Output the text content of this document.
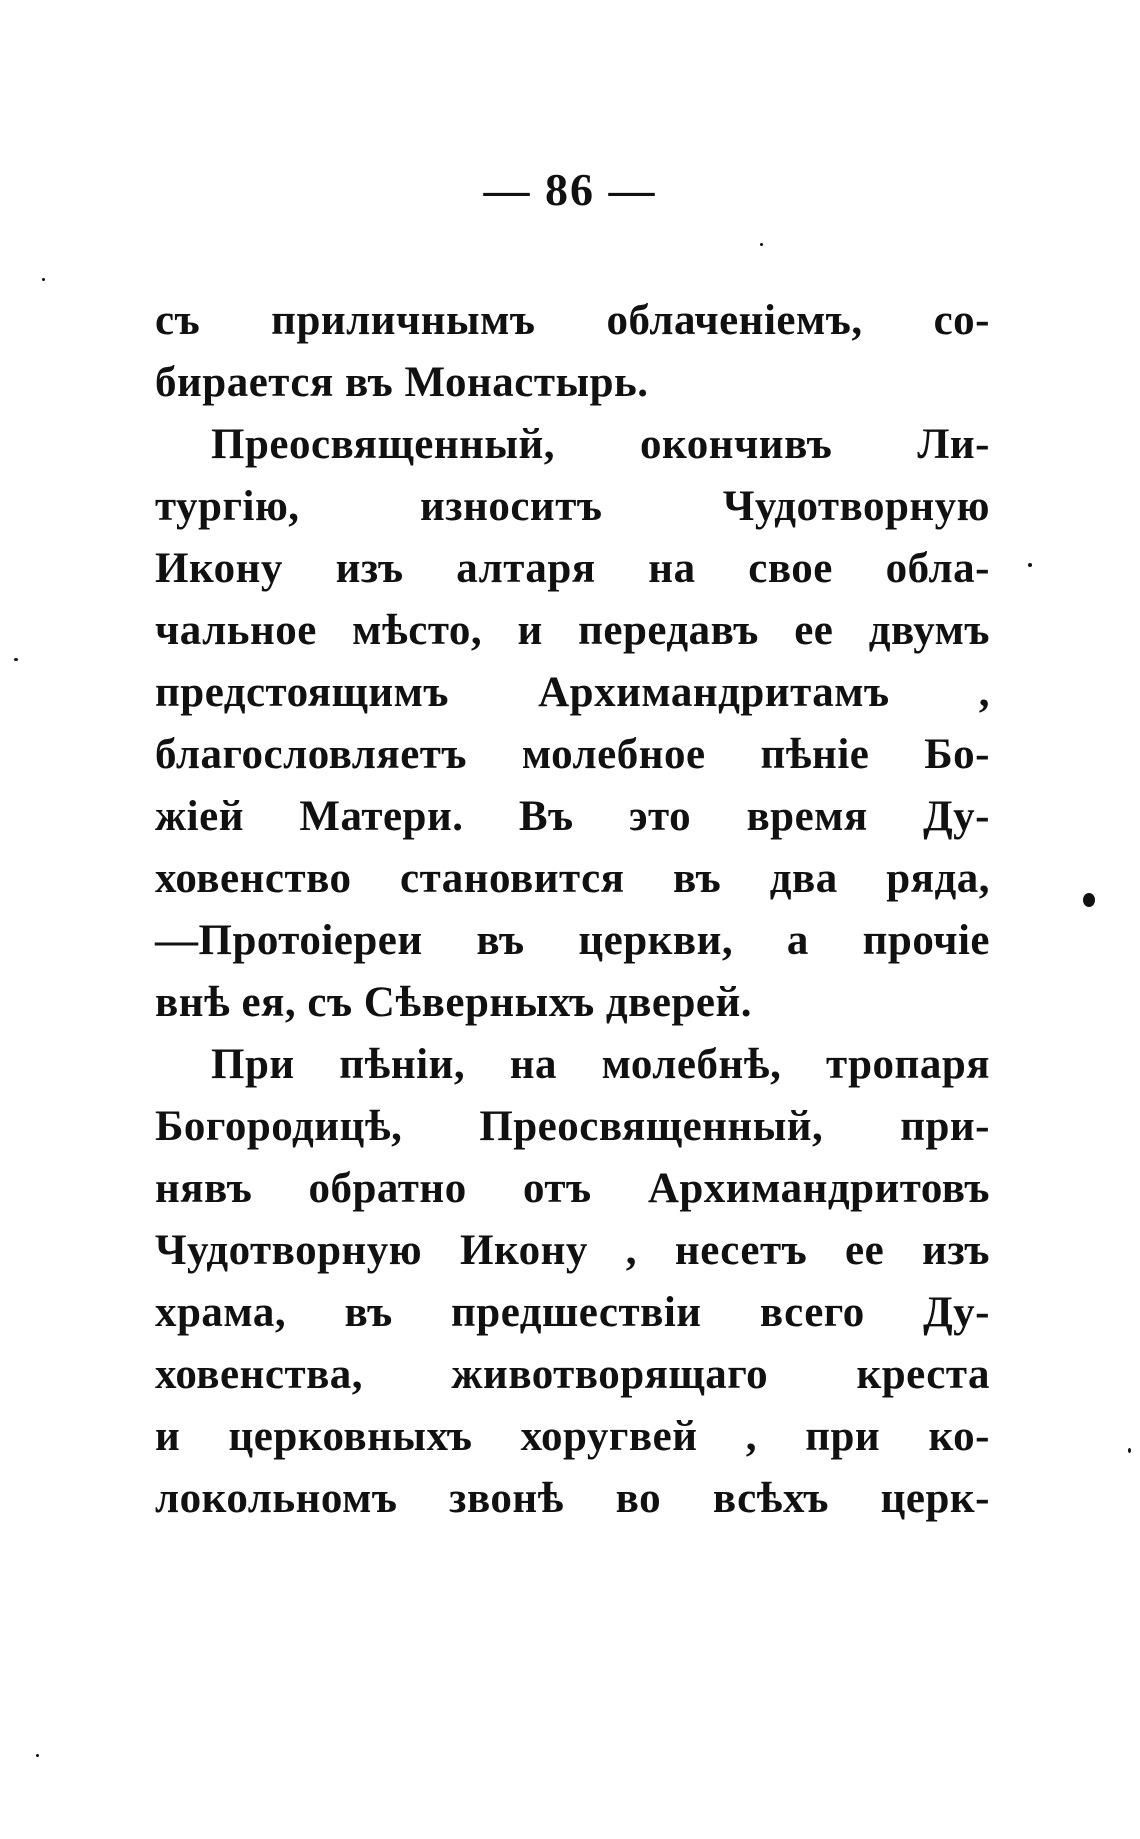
— 86 —
съ приличнымъ облаченіемъ, со-
бирается въ Монастырь.
Преосвященный, окончивъ Ли-
тургію, износитъ Чудотворную
Икону изъ алтаря на свое обла-
чальное мѣсто, и передавъ ее двумъ
предстоящимъ Архимандритамъ ,
благословляетъ молебное пѣніе Бо-
жіей Матери. Въ это время Ду-
ховенство становится въ два ряда,
—Протоіереи въ церкви, а прочіе
внѣ ея, съ Сѣверныхъ дверей.
При пѣніи, на молебнѣ, тропаря
Богородицѣ, Преосвященный, при-
нявъ обратно отъ Архимандритовъ
Чудотворную Икону , несетъ ее изъ
храма, въ предшествіи всего Ду-
ховенства, животворящаго креста
и церковныхъ хоругвей , при ко-
локольномъ звонѣ во всѣхъ церк-
